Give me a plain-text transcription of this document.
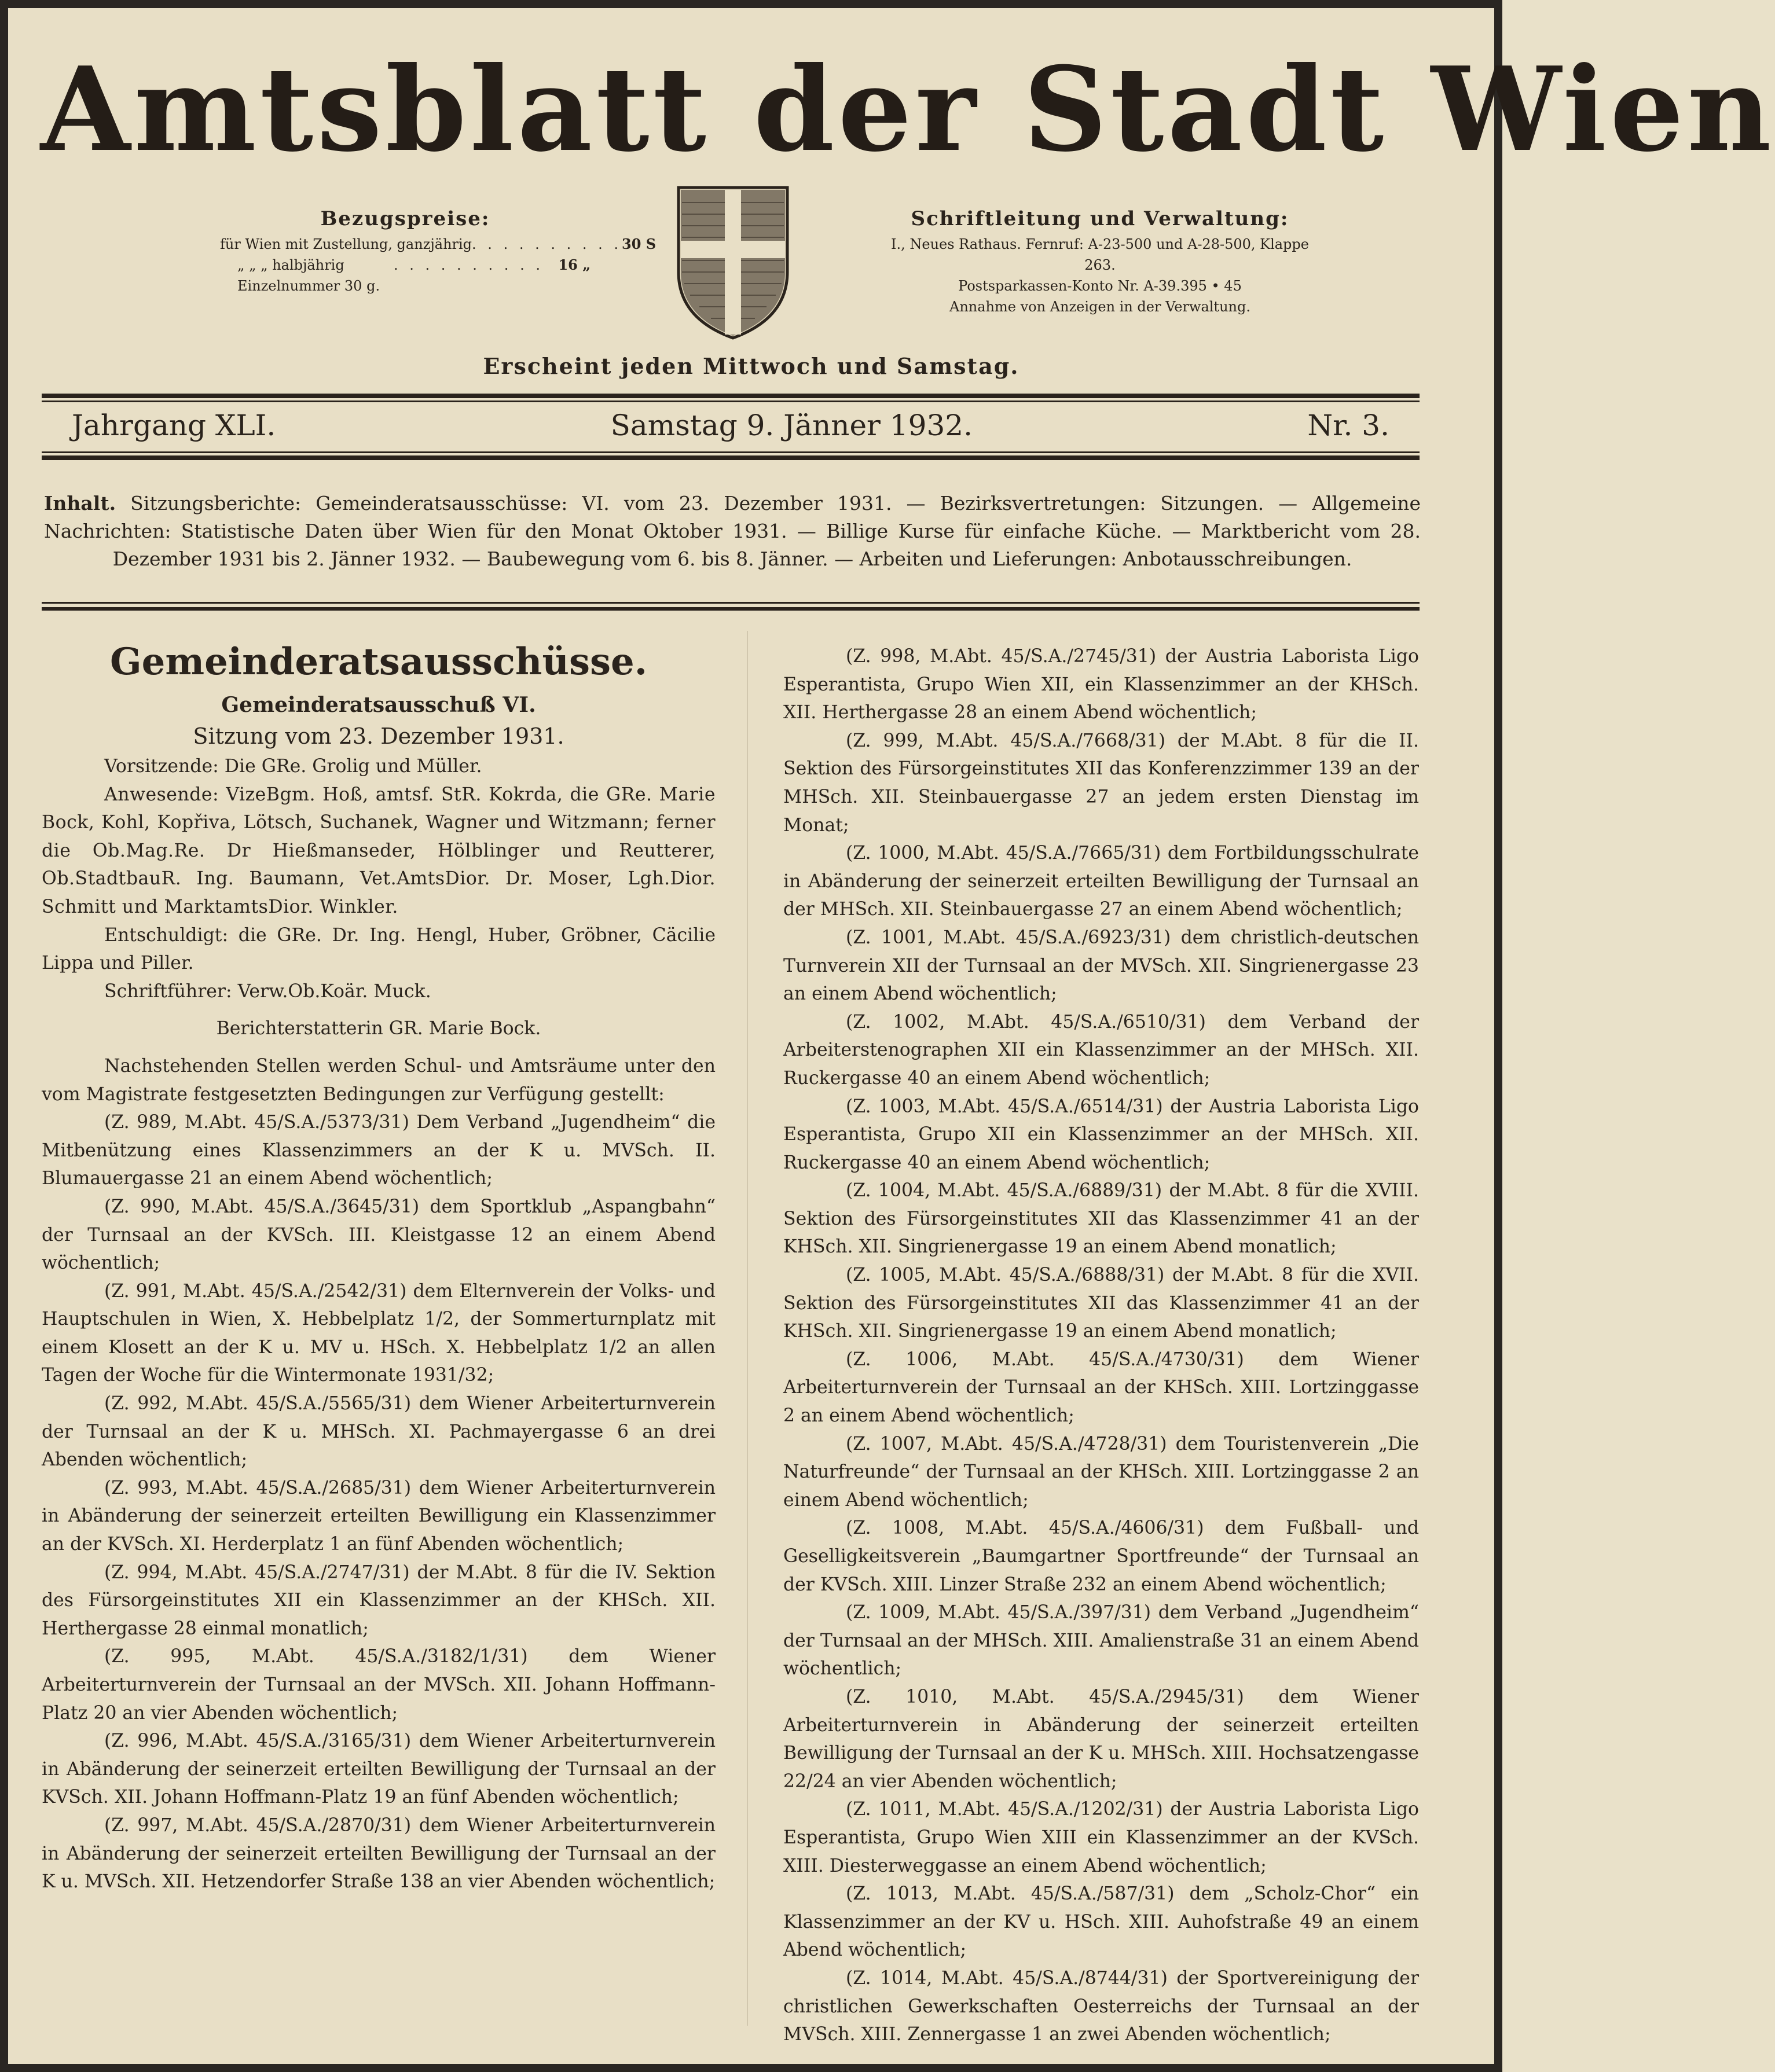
Amtsblatt der Stadt Wien
Bezugspreise:
für Wien mit Zustellung, ganzjährig . . . . . . . . . . 30 S
„ „ „ halbjährig	. . . . . . . . . .	16 „
Einzelnummer 30 g.
Schriftleitung und Verwaltung:
I., Neues Rathaus. Fernruf: A-23-500 und A-28-500, Klappe 263.
Postsparkassen-Konto Nr. A-39.395 • 45
Annahme von Anzeigen in der Verwaltung.
Erscheint jeden Mittwoch und Samstag.
Jahrgang XLI.	Samstag 9. Jänner 1932.	Nr. 3.
Inhalt. Sitzungsberichte: Gemeinderatsausschüsse: VI. vom 23. Dezember 1931. — Bezirksvertretungen: Sitzungen. — Allgemeine Nachrichten: Statistische Daten über Wien für den Monat Oktober 1931. — Billige Kurse für einfache Küche. — Marktbericht vom 28. Dezember 1931 bis 2. Jänner 1932. — Baubewegung vom 6. bis 8. Jänner. — Arbeiten und Lieferungen: Anbotausschreibungen.
Gemeinderatsausschüsse.
Gemeinderatsausschuß VI.
Sitzung vom 23. Dezember 1931.

Vorsitzende: Die GRe. Grolig und Müller.

Anwesende: VizeBgm. Hoß, amtsf. StR. Kokrda, die GRe. Marie Bock, Kohl, Kopřiva, Lötsch, Suchanek, Wagner und Witzmann; ferner die Ob.Mag.Re. Dr Hießmanseder, Hölblinger und Reutterer, Ob.StadtbauR. Ing. Baumann, Vet.AmtsDior. Dr. Moser, Lgh.Dior. Schmitt und MarktamtsDior. Winkler.

Entschuldigt: die GRe. Dr. Ing. Hengl, Huber, Gröbner, Cäcilie Lippa und Piller.

Schriftführer: Verw.Ob.Koär. Muck.

Berichterstatterin GR. Marie Bock.

Nachstehenden Stellen werden Schul- und Amtsräume unter den vom Magistrate festgesetzten Bedingungen zur Verfügung gestellt:

(Z. 989, M.Abt. 45/S.A./5373/31) Dem Verband „Jugendheim“ die Mitbenützung eines Klassenzimmers an der K u. MVSch. II. Blumauergasse 21 an einem Abend wöchentlich;

(Z. 990, M.Abt. 45/S.A./3645/31) dem Sportklub „Aspangbahn“ der Turnsaal an der KVSch. III. Kleistgasse 12 an einem Abend wöchentlich;

(Z. 991, M.Abt. 45/S.A./2542/31) dem Elternverein der Volks- und Hauptschulen in Wien, X. Hebbelplatz 1/2, der Sommerturnplatz mit einem Klosett an der K u. MV u. HSch. X. Hebbelplatz 1/2 an allen Tagen der Woche für die Wintermonate 1931/32;

(Z. 992, M.Abt. 45/S.A./5565/31) dem Wiener Arbeiterturnverein der Turnsaal an der K u. MHSch. XI. Pachmayergasse 6 an drei Abenden wöchentlich;

(Z. 993, M.Abt. 45/S.A./2685/31) dem Wiener Arbeiterturnverein in Abänderung der seinerzeit erteilten Bewilligung ein Klassenzimmer an der KVSch. XI. Herderplatz 1 an fünf Abenden wöchentlich;

(Z. 994, M.Abt. 45/S.A./2747/31) der M.Abt. 8 für die IV. Sektion des Fürsorgeinstitutes XII ein Klassenzimmer an der KHSch. XII. Herthergasse 28 einmal monatlich;

(Z. 995, M.Abt. 45/S.A./3182/1/31) dem Wiener Arbeiterturnverein der Turnsaal an der MVSch. XII. Johann Hoffmann-Platz 20 an vier Abenden wöchentlich;

(Z. 996, M.Abt. 45/S.A./3165/31) dem Wiener Arbeiterturnverein in Abänderung der seinerzeit erteilten Bewilligung der Turnsaal an der KVSch. XII. Johann Hoffmann-Platz 19 an fünf Abenden wöchentlich;

(Z. 997, M.Abt. 45/S.A./2870/31) dem Wiener Arbeiterturnverein in Abänderung der seinerzeit erteilten Bewilligung der Turnsaal an der K u. MVSch. XII. Hetzendorfer Straße 138 an vier Abenden wöchentlich;

(Z. 998, M.Abt. 45/S.A./2745/31) der Austria Laborista Ligo Esperantista, Grupo Wien XII, ein Klassenzimmer an der KHSch. XII. Herthergasse 28 an einem Abend wöchentlich;

(Z. 999, M.Abt. 45/S.A./7668/31) der M.Abt. 8 für die II. Sektion des Fürsorgeinstitutes XII das Konferenzzimmer 139 an der MHSch. XII. Steinbauergasse 27 an jedem ersten Dienstag im Monat;

(Z. 1000, M.Abt. 45/S.A./7665/31) dem Fortbildungsschulrate in Abänderung der seinerzeit erteilten Bewilligung der Turnsaal an der MHSch. XII. Steinbauergasse 27 an einem Abend wöchentlich;

(Z. 1001, M.Abt. 45/S.A./6923/31) dem christlich-deutschen Turnverein XII der Turnsaal an der MVSch. XII. Singrienergasse 23 an einem Abend wöchentlich;

(Z. 1002, M.Abt. 45/S.A./6510/31) dem Verband der Arbeiterstenographen XII ein Klassenzimmer an der MHSch. XII. Ruckergasse 40 an einem Abend wöchentlich;

(Z. 1003, M.Abt. 45/S.A./6514/31) der Austria Laborista Ligo Esperantista, Grupo XII ein Klassenzimmer an der MHSch. XII. Ruckergasse 40 an einem Abend wöchentlich;

(Z. 1004, M.Abt. 45/S.A./6889/31) der M.Abt. 8 für die XVIII. Sektion des Fürsorgeinstitutes XII das Klassenzimmer 41 an der KHSch. XII. Singrienergasse 19 an einem Abend monatlich;

(Z. 1005, M.Abt. 45/S.A./6888/31) der M.Abt. 8 für die XVII. Sektion des Fürsorgeinstitutes XII das Klassenzimmer 41 an der KHSch. XII. Singrienergasse 19 an einem Abend monatlich;

(Z. 1006, M.Abt. 45/S.A./4730/31) dem Wiener Arbeiterturnverein der Turnsaal an der KHSch. XIII. Lortzinggasse 2 an einem Abend wöchentlich;

(Z. 1007, M.Abt. 45/S.A./4728/31) dem Touristenverein „Die Naturfreunde“ der Turnsaal an der KHSch. XIII. Lortzinggasse 2 an einem Abend wöchentlich;

(Z. 1008, M.Abt. 45/S.A./4606/31) dem Fußball- und Geselligkeitsverein „Baumgartner Sportfreunde“ der Turnsaal an der KVSch. XIII. Linzer Straße 232 an einem Abend wöchentlich;

(Z. 1009, M.Abt. 45/S.A./397/31) dem Verband „Jugendheim“ der Turnsaal an der MHSch. XIII. Amalienstraße 31 an einem Abend wöchentlich;

(Z. 1010, M.Abt. 45/S.A./2945/31) dem Wiener Arbeiterturnverein in Abänderung der seinerzeit erteilten Bewilligung der Turnsaal an der K u. MHSch. XIII. Hochsatzengasse 22/24 an vier Abenden wöchentlich;

(Z. 1011, M.Abt. 45/S.A./1202/31) der Austria Laborista Ligo Esperantista, Grupo Wien XIII ein Klassenzimmer an der KVSch. XIII. Diesterweggasse an einem Abend wöchentlich;

(Z. 1013, M.Abt. 45/S.A./587/31) dem „Scholz-Chor“ ein Klassenzimmer an der KV u. HSch. XIII. Auhofstraße 49 an einem Abend wöchentlich;

(Z. 1014, M.Abt. 45/S.A./8744/31) der Sportvereinigung der christlichen Gewerkschaften Oesterreichs der Turnsaal an der MVSch. XIII. Zennergasse 1 an zwei Abenden wöchentlich;
